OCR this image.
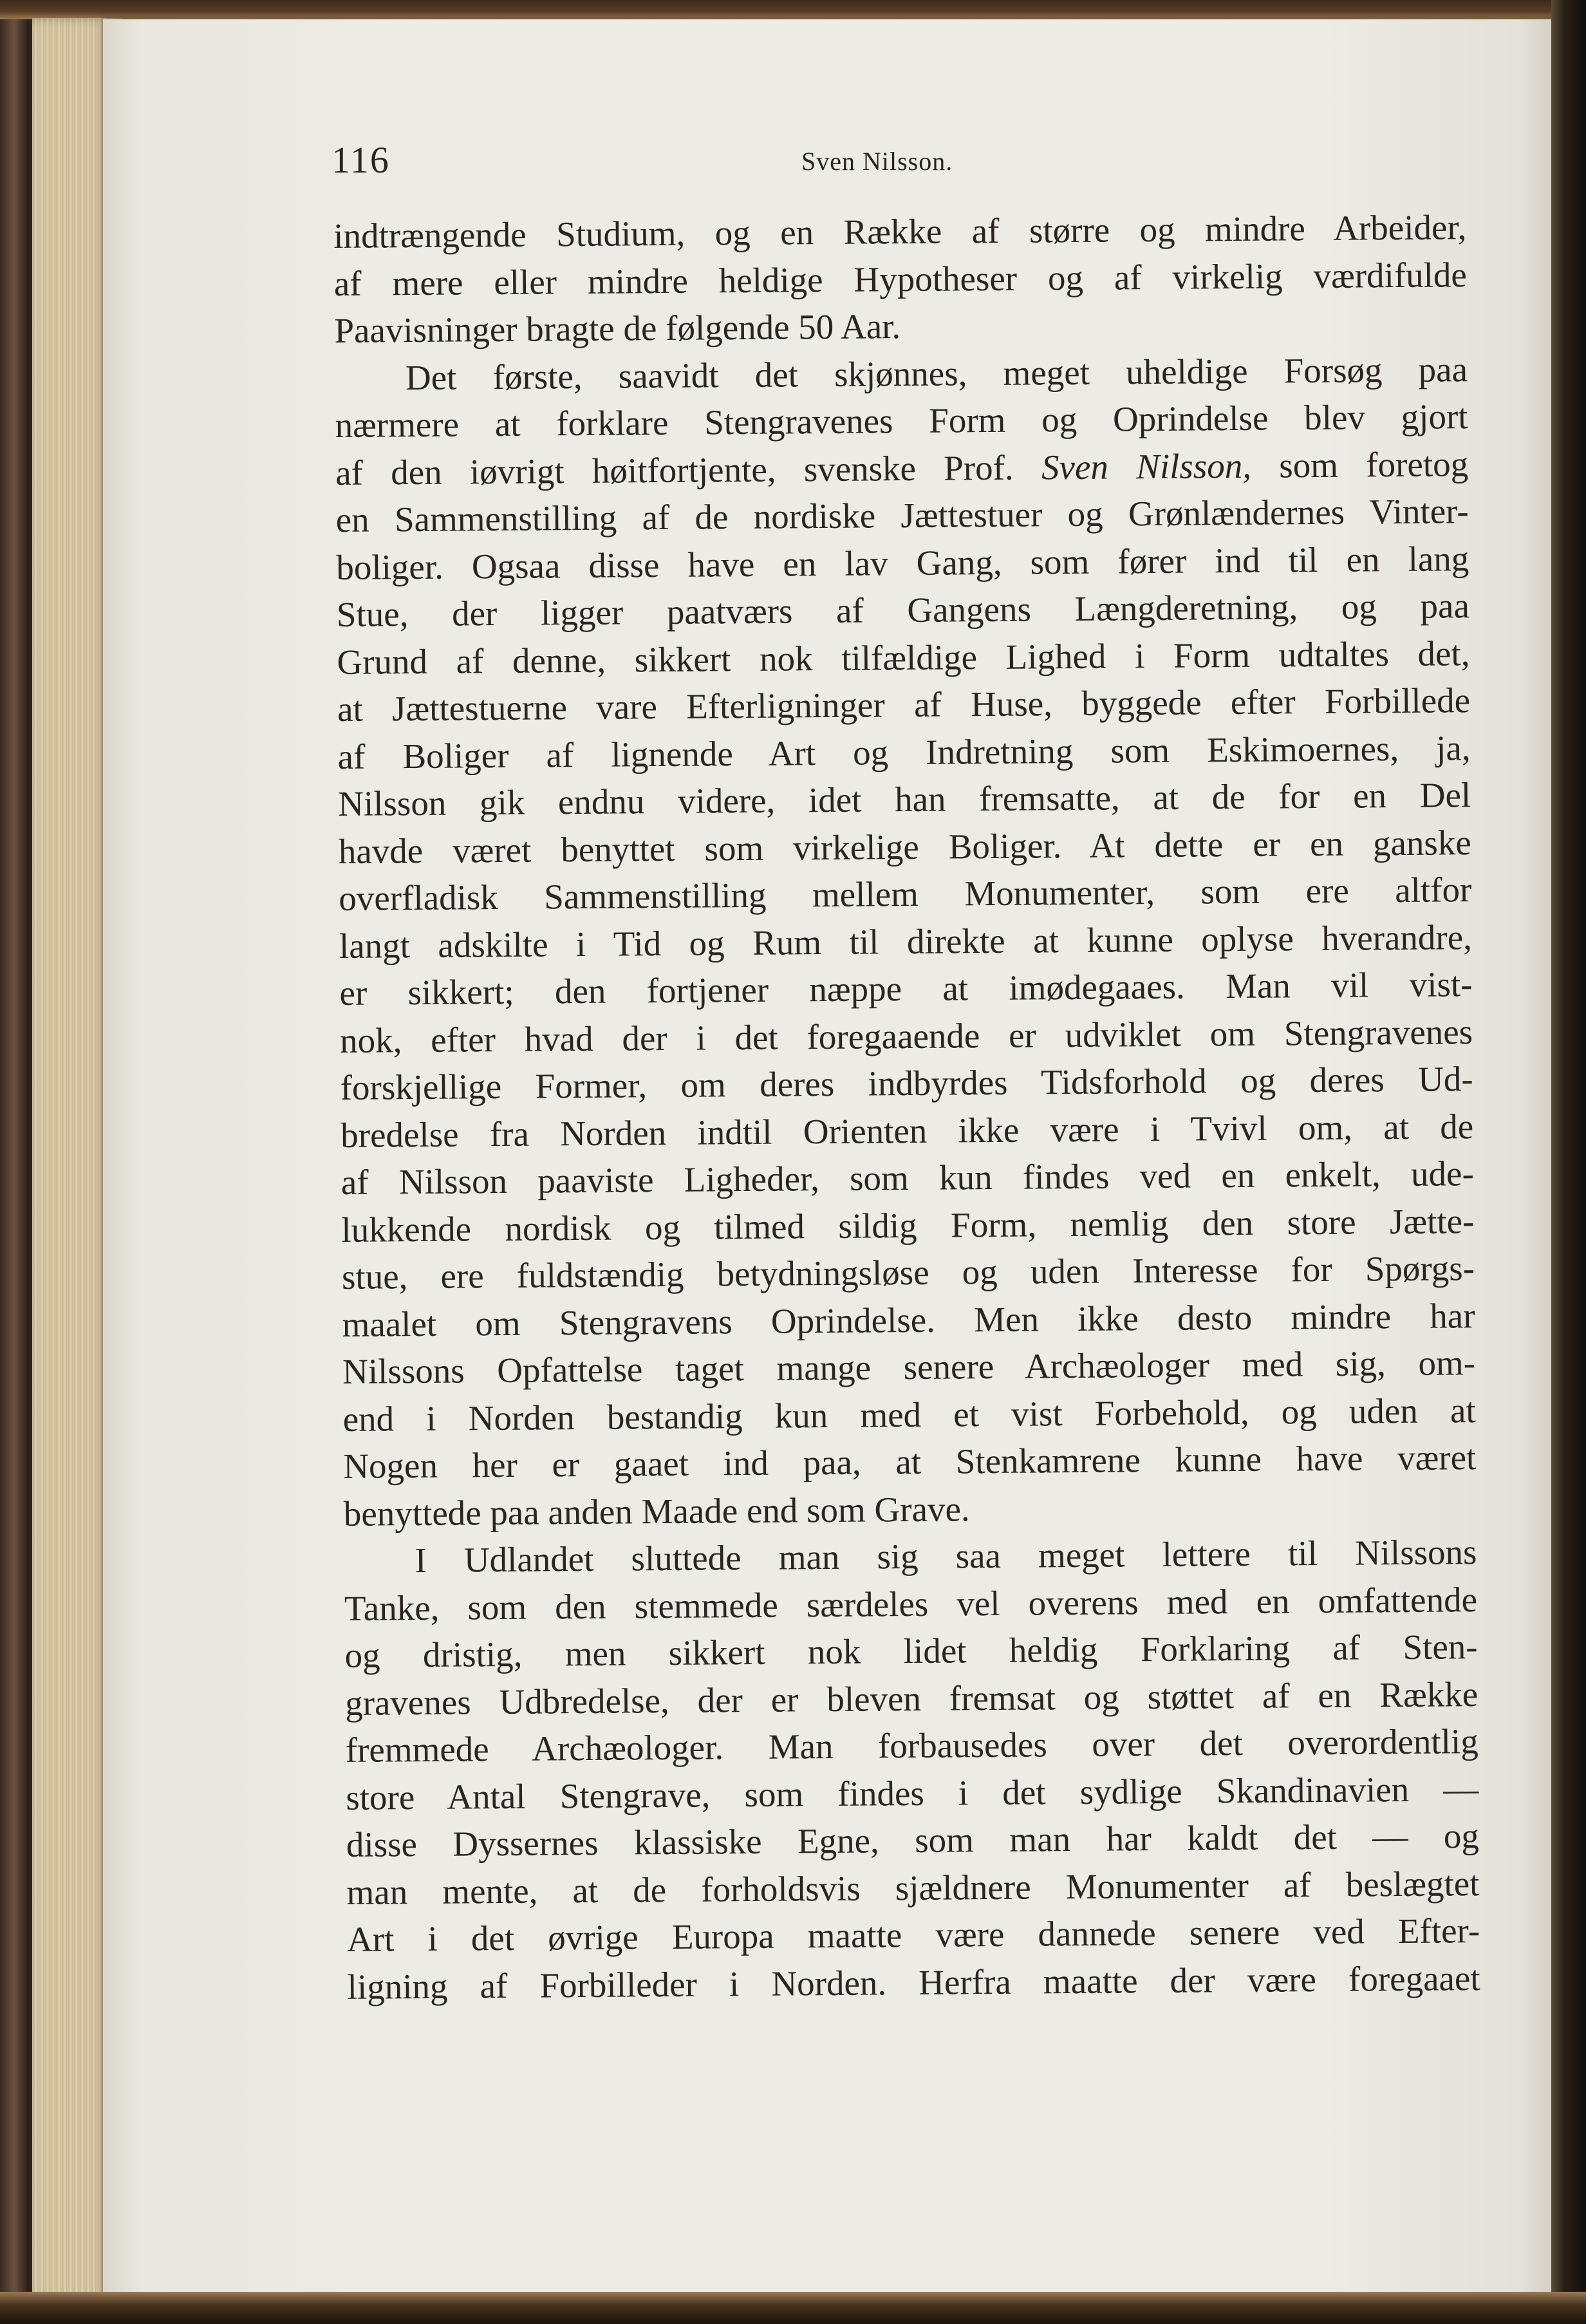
116	Sven Nilsson.
indtrængende Studium, og en Række af større og mindre Arbeider,
af mere eller mindre heldige Hypotheser og af virkelig værdifulde
Paavisninger bragte de følgende 50 Aar.
Det første, saavidt det skjønnes, meget uheldige Forsøg paa
nærmere at forklare Stengravenes Form og Oprindelse blev gjort
af den iøvrigt høitfortjente, svenske Prof. Sven Nilsson, som foretog
en Sammenstilling af de nordiske Jættestuer og Grønlændernes Vinter-
boliger. Ogsaa disse have en lav Gang, som fører ind til en lang
Stue, der ligger paatværs af Gangens Længderetning, og paa
Grund af denne, sikkert nok tilfældige Lighed i Form udtaltes det,
at Jættestuerne vare Efterligninger af Huse, byggede efter Forbillede
af Boliger af lignende Art og Indretning som Eskimoernes, ja,
Nilsson gik endnu videre, idet han fremsatte, at de for en Del
havde været benyttet som virkelige Boliger. At dette er en ganske
overfladisk Sammenstilling mellem Monumenter, som ere altfor
langt adskilte i Tid og Rum til direkte at kunne oplyse hverandre,
er sikkert; den fortjener næppe at imødegaaes. Man vil vist-
nok, efter hvad der i det foregaaende er udviklet om Stengravenes
forskjellige Former, om deres indbyrdes Tidsforhold og deres Ud-
bredelse fra Norden indtil Orienten ikke være i Tvivl om, at de
af Nilsson paaviste Ligheder, som kun findes ved en enkelt, ude-
lukkende nordisk og tilmed sildig Form, nemlig den store Jætte-
stue, ere fuldstændig betydningsløse og uden Interesse for Spørgs-
maalet om Stengravens Oprindelse. Men ikke desto mindre har
Nilssons Opfattelse taget mange senere Archæologer med sig, om-
end i Norden bestandig kun med et vist Forbehold, og uden at
Nogen her er gaaet ind paa, at Stenkamrene kunne have været
benyttede paa anden Maade end som Grave.
I Udlandet sluttede man sig saa meget lettere til Nilssons
Tanke, som den stemmede særdeles vel overens med en omfattende
og dristig, men sikkert nok lidet heldig Forklaring af Sten-
gravenes Udbredelse, der er bleven fremsat og støttet af en Række
fremmede Archæologer. Man forbausedes over det overordentlig
store Antal Stengrave, som findes i det sydlige Skandinavien —
disse Dyssernes klassiske Egne, som man har kaldt det — og
man mente, at de forholdsvis sjældnere Monumenter af beslægtet
Art i det øvrige Europa maatte være dannede senere ved Efter-
ligning af Forbilleder i Norden. Herfra maatte der være foregaaet
